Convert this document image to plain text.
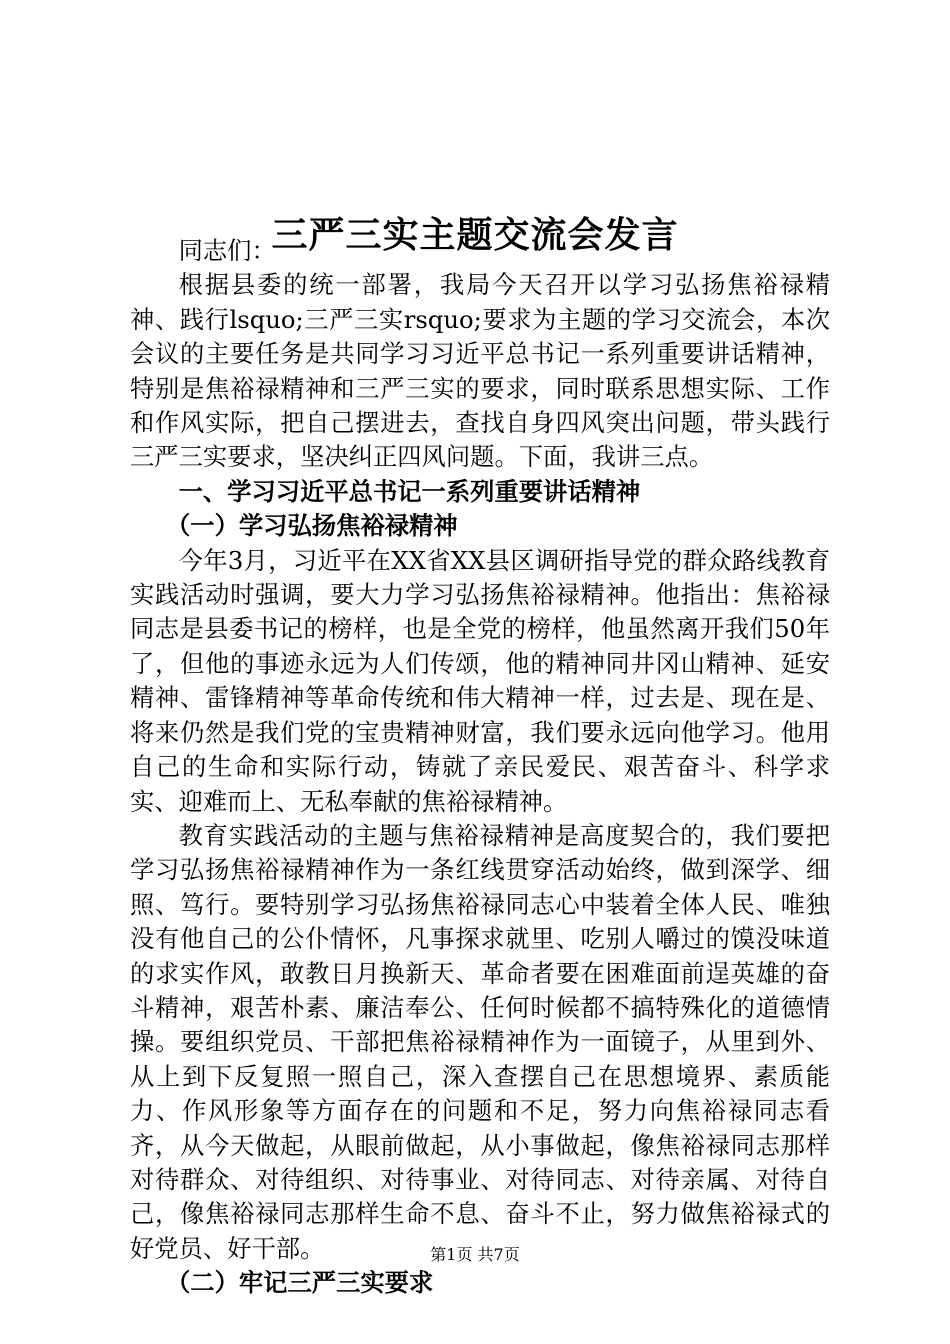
三严三实主题交流会发言

同志们：

根据县委的统一部署，我局今天召开以学习弘扬焦裕禄精神、践行lsquo;三严三实rsquo;要求为主题的学习交流会，本次会议的主要任务是共同学习习近平总书记一系列重要讲话精神，特别是焦裕禄精神和三严三实的要求，同时联系思想实际、工作和作风实际，把自己摆进去，查找自身四风突出问题，带头践行三严三实要求，坚决纠正四风问题。下面，我讲三点。

一、学习习近平总书记一系列重要讲话精神

（一）学习弘扬焦裕禄精神

今年3月，习近平在XX省XX县区调研指导党的群众路线教育实践活动时强调，要大力学习弘扬焦裕禄精神。他指出：焦裕禄同志是县委书记的榜样，也是全党的榜样，他虽然离开我们50年了，但他的事迹永远为人们传颂，他的精神同井冈山精神、延安精神、雷锋精神等革命传统和伟大精神一样，过去是、现在是、将来仍然是我们党的宝贵精神财富，我们要永远向他学习。他用自己的生命和实际行动，铸就了亲民爱民、艰苦奋斗、科学求实、迎难而上、无私奉献的焦裕禄精神。

教育实践活动的主题与焦裕禄精神是高度契合的，我们要把学习弘扬焦裕禄精神作为一条红线贯穿活动始终，做到深学、细照、笃行。要特别学习弘扬焦裕禄同志心中装着全体人民、唯独没有他自己的公仆情怀，凡事探求就里、吃别人嚼过的馍没味道的求实作风，敢教日月换新天、革命者要在困难面前逞英雄的奋斗精神，艰苦朴素、廉洁奉公、任何时候都不搞特殊化的道德情操。要组织党员、干部把焦裕禄精神作为一面镜子，从里到外、从上到下反复照一照自己，深入查摆自己在思想境界、素质能力、作风形象等方面存在的问题和不足，努力向焦裕禄同志看齐，从今天做起，从眼前做起，从小事做起，像焦裕禄同志那样对待群众、对待组织、对待事业、对待同志、对待亲属、对待自己，像焦裕禄同志那样生命不息、奋斗不止，努力做焦裕禄式的好党员、好干部。

（二）牢记三严三实要求

第1页 共7页
